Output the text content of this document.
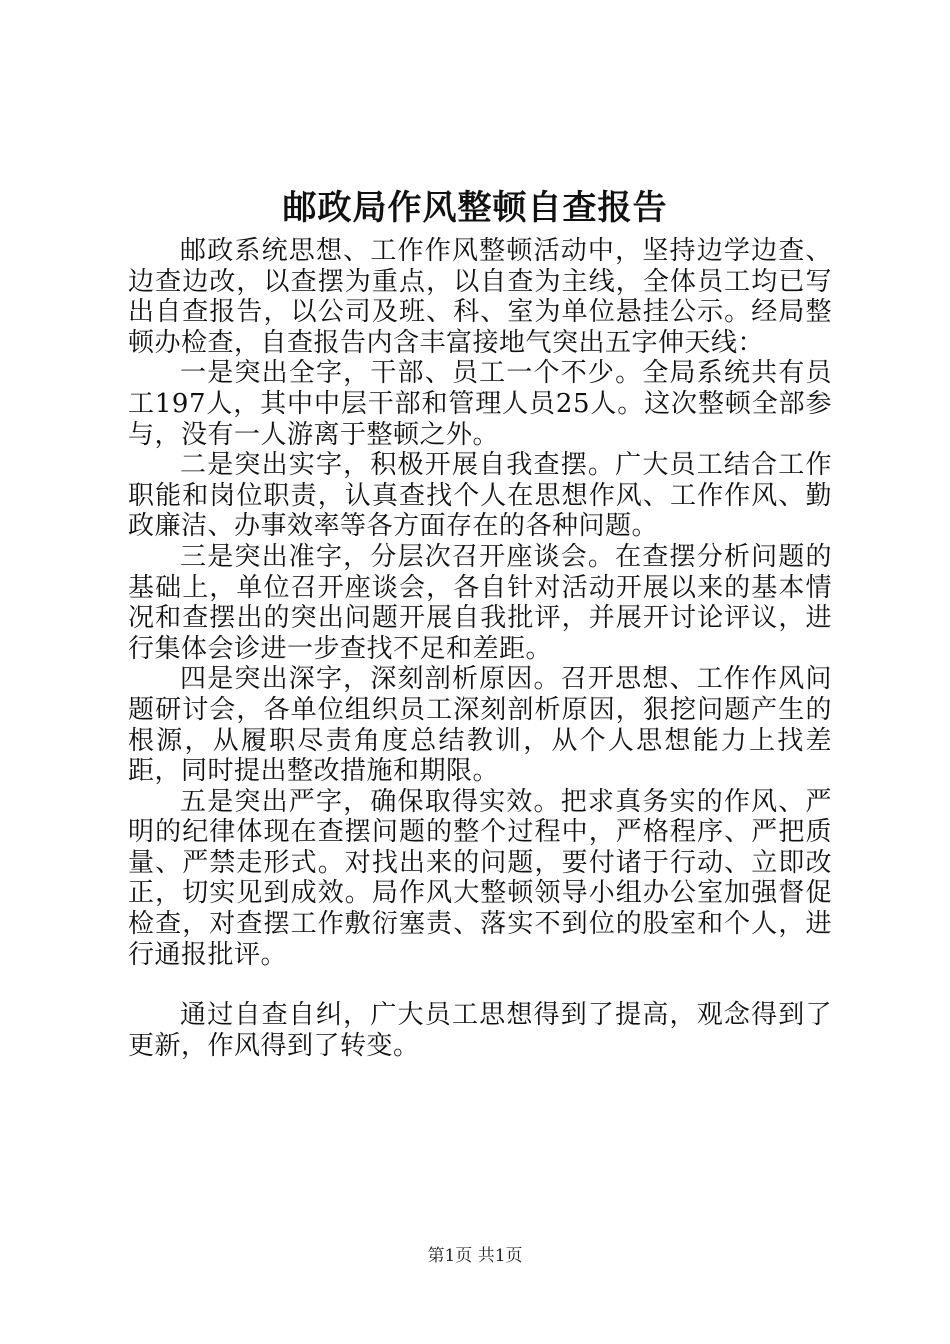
邮政局作风整顿自查报告

邮政系统思想、工作作风整顿活动中，坚持边学边查、边查边改，以查摆为重点，以自查为主线，全体员工均已写出自查报告，以公司及班、科、室为单位悬挂公示。经局整顿办检查，自查报告内含丰富接地气突出五字伸天线：

一是突出全字，干部、员工一个不少。全局系统共有员工197人，其中中层干部和管理人员25人。这次整顿全部参与，没有一人游离于整顿之外。

二是突出实字，积极开展自我查摆。广大员工结合工作职能和岗位职责，认真查找个人在思想作风、工作作风、勤政廉洁、办事效率等各方面存在的各种问题。

三是突出准字，分层次召开座谈会。在查摆分析问题的基础上，单位召开座谈会，各自针对活动开展以来的基本情况和查摆出的突出问题开展自我批评，并展开讨论评议，进行集体会诊进一步查找不足和差距。

四是突出深字，深刻剖析原因。召开思想、工作作风问题研讨会，各单位组织员工深刻剖析原因，狠挖问题产生的根源，从履职尽责角度总结教训，从个人思想能力上找差距，同时提出整改措施和期限。

五是突出严字，确保取得实效。把求真务实的作风、严明的纪律体现在查摆问题的整个过程中，严格程序、严把质量、严禁走形式。对找出来的问题，要付诸于行动、立即改正，切实见到成效。局作风大整顿领导小组办公室加强督促检查，对查摆工作敷衍塞责、落实不到位的股室和个人，进行通报批评。

通过自查自纠，广大员工思想得到了提高，观念得到了更新，作风得到了转变。

第1页 共1页
